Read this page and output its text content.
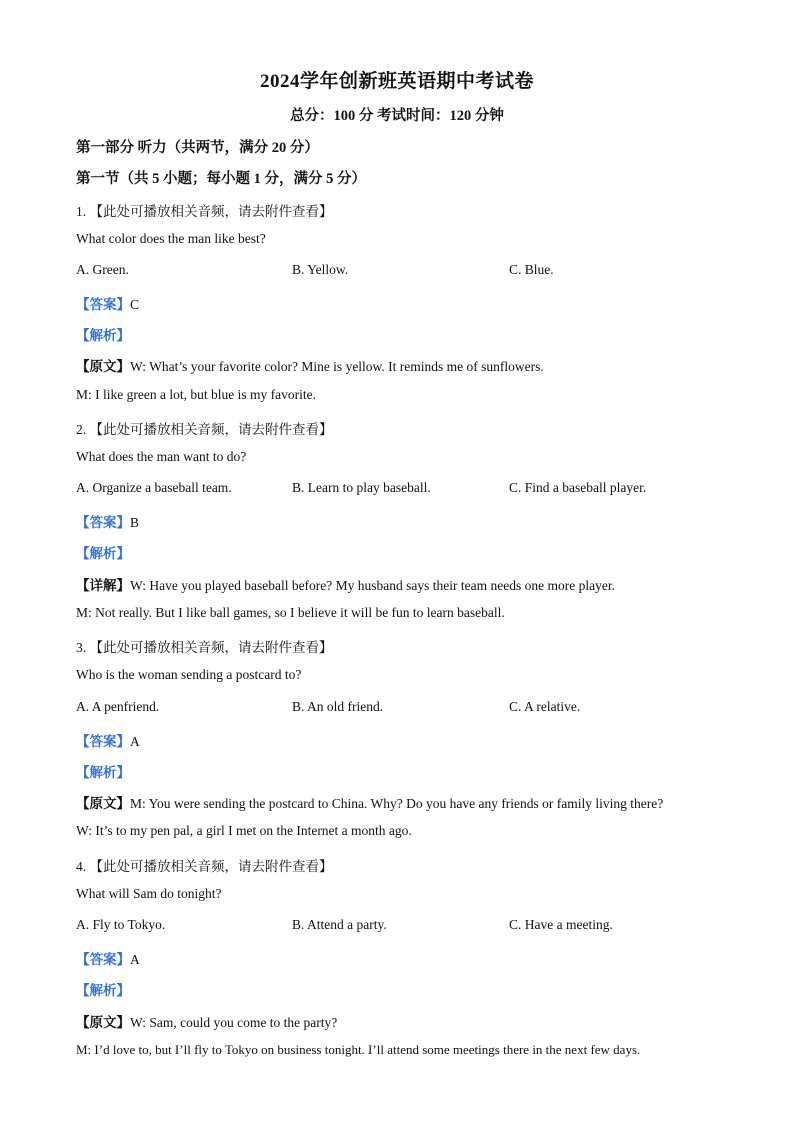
2024学年创新班英语期中考试卷
总分：100 分 考试时间：120 分钟
第一部分 听力（共两节，满分 20 分）
第一节（共 5 小题；每小题 1 分，满分 5 分）
1. 【此处可播放相关音频，请去附件查看】
What color does the man like best?
A. Green.	B. Yellow.	C. Blue.
【答案】C
【解析】
【原文】W: What’s your favorite color? Mine is yellow. It reminds me of sunflowers.
M: I like green a lot, but blue is my favorite.
2. 【此处可播放相关音频，请去附件查看】
What does the man want to do?
A. Organize a baseball team.	B. Learn to play baseball.	C. Find a baseball player.
【答案】B
【解析】
【详解】W: Have you played baseball before? My husband says their team needs one more player.
M: Not really. But I like ball games, so I believe it will be fun to learn baseball.
3. 【此处可播放相关音频，请去附件查看】
Who is the woman sending a postcard to?
A. A penfriend.	B. An old friend.	C. A relative.
【答案】A
【解析】
【原文】M: You were sending the postcard to China. Why? Do you have any friends or family living there?
W: It’s to my pen pal, a girl I met on the Internet a month ago.
4. 【此处可播放相关音频，请去附件查看】
What will Sam do tonight?
A. Fly to Tokyo.	B. Attend a party.	C. Have a meeting.
【答案】A
【解析】
【原文】W: Sam, could you come to the party?
M: I’d love to, but I’ll fly to Tokyo on business tonight. I’ll attend some meetings there in the next few days.
